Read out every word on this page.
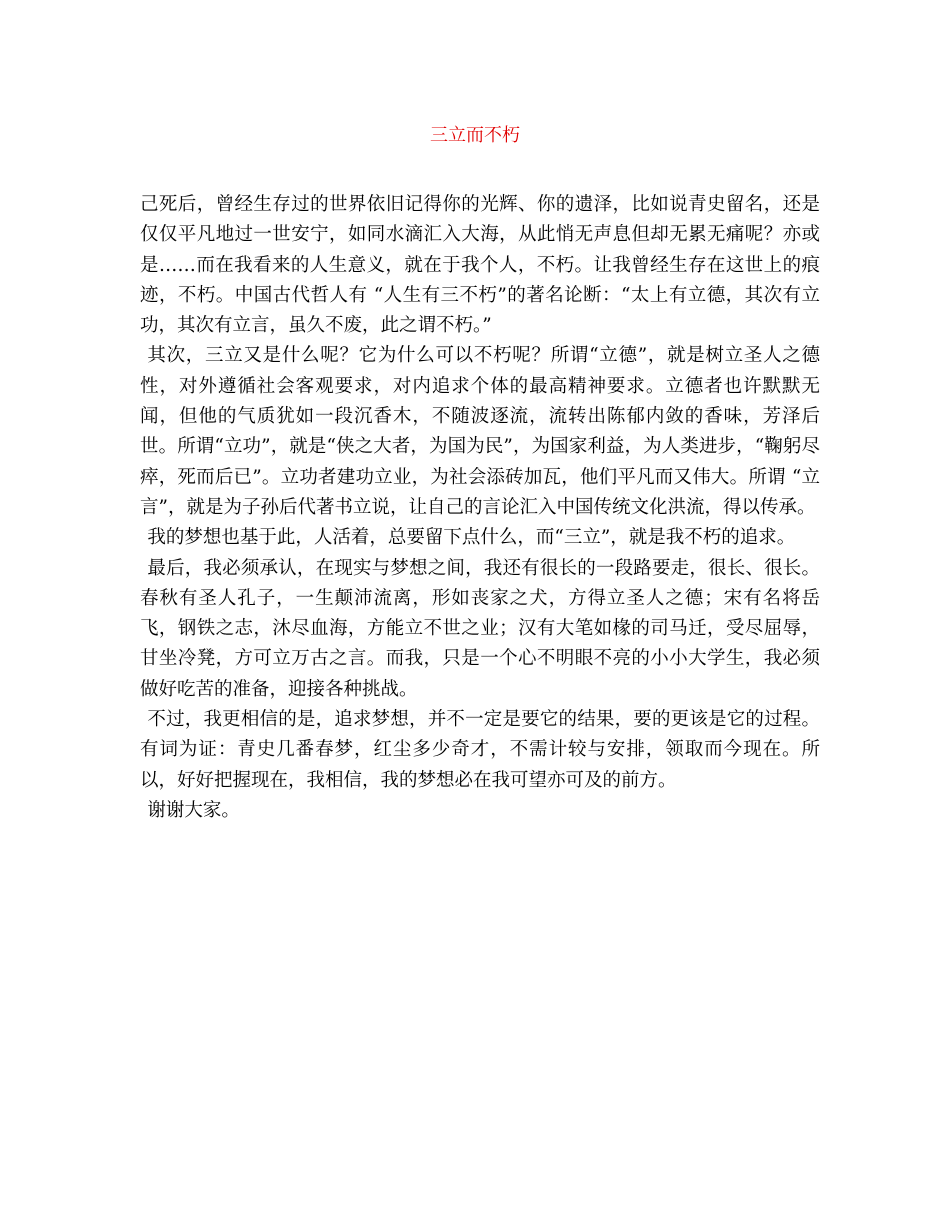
三立而不朽

己死后，曾经生存过的世界依旧记得你的光辉、你的遗泽，比如说青史留名，还是仅仅平凡地过一世安宁，如同水滴汇入大海，从此悄无声息但却无累无痛呢？亦或是……而在我看来的人生意义，就在于我个人，不朽。让我曾经生存在这世上的痕迹，不朽。中国古代哲人有 “人生有三不朽”的著名论断：“太上有立德，其次有立功，其次有立言，虽久不废，此之谓不朽。”

其次，三立又是什么呢？它为什么可以不朽呢？所谓“立德”，就是树立圣人之德性，对外遵循社会客观要求，对内追求个体的最高精神要求。立德者也许默默无闻，但他的气质犹如一段沉香木，不随波逐流，流转出陈郁内敛的香味，芳泽后世。所谓“立功”，就是“侠之大者，为国为民”，为国家利益，为人类进步，“鞠躬尽瘁，死而后已”。立功者建功立业，为社会添砖加瓦，他们平凡而又伟大。所谓 “立言”，就是为子孙后代著书立说，让自己的言论汇入中国传统文化洪流，得以传承。

我的梦想也基于此，人活着，总要留下点什么，而“三立”，就是我不朽的追求。

最后，我必须承认，在现实与梦想之间，我还有很长的一段路要走，很长、很长。春秋有圣人孔子，一生颠沛流离，形如丧家之犬，方得立圣人之德；宋有名将岳飞，钢铁之志，沐尽血海，方能立不世之业；汉有大笔如椽的司马迁，受尽屈辱，甘坐冷凳，方可立万古之言。而我，只是一个心不明眼不亮的小小大学生，我必须做好吃苦的准备，迎接各种挑战。

不过，我更相信的是，追求梦想，并不一定是要它的结果，要的更该是它的过程。有词为证：青史几番春梦，红尘多少奇才，不需计较与安排，领取而今现在。所以，好好把握现在，我相信，我的梦想必在我可望亦可及的前方。

谢谢大家。
